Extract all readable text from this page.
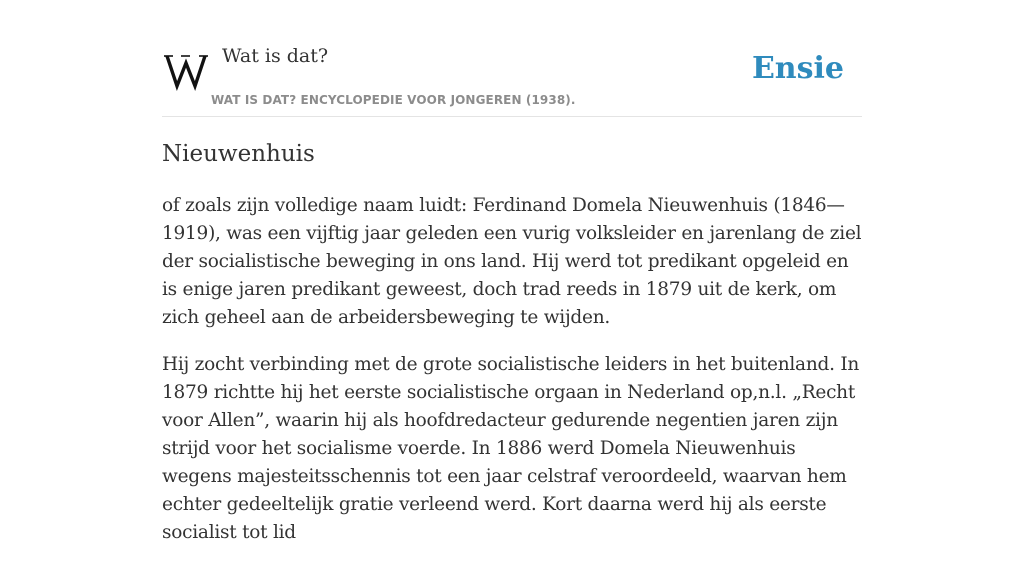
Wat is dat?
WAT IS DAT? ENCYCLOPEDIE VOOR JONGEREN (1938).
Ensie
Nieuwenhuis

of zoals zijn volledige naam luidt: Ferdinand Domela Nieuwenhuis (1846—1919), was een vijftig jaar geleden een vurig volksleider en jarenlang de ziel der socialistische beweging in ons land. Hij werd tot predikant opgeleid en is enige jaren predikant geweest, doch trad reeds in 1879 uit de kerk, om zich geheel aan de arbeidersbeweging te wijden.

Hij zocht verbinding met de grote socialistische leiders in het buitenland. In 1879 richtte hij het eerste socialistische orgaan in Nederland op,n.l. „Recht voor Allen”, waarin hij als hoofdredacteur gedurende negentien jaren zijn strijd voor het socialisme voerde. In 1886 werd Domela Nieuwenhuis wegens majesteitsschennis tot een jaar celstraf veroordeeld, waarvan hem echter gedeeltelijk gratie verleend werd. Kort daarna werd hij als eerste socialist tot lid
